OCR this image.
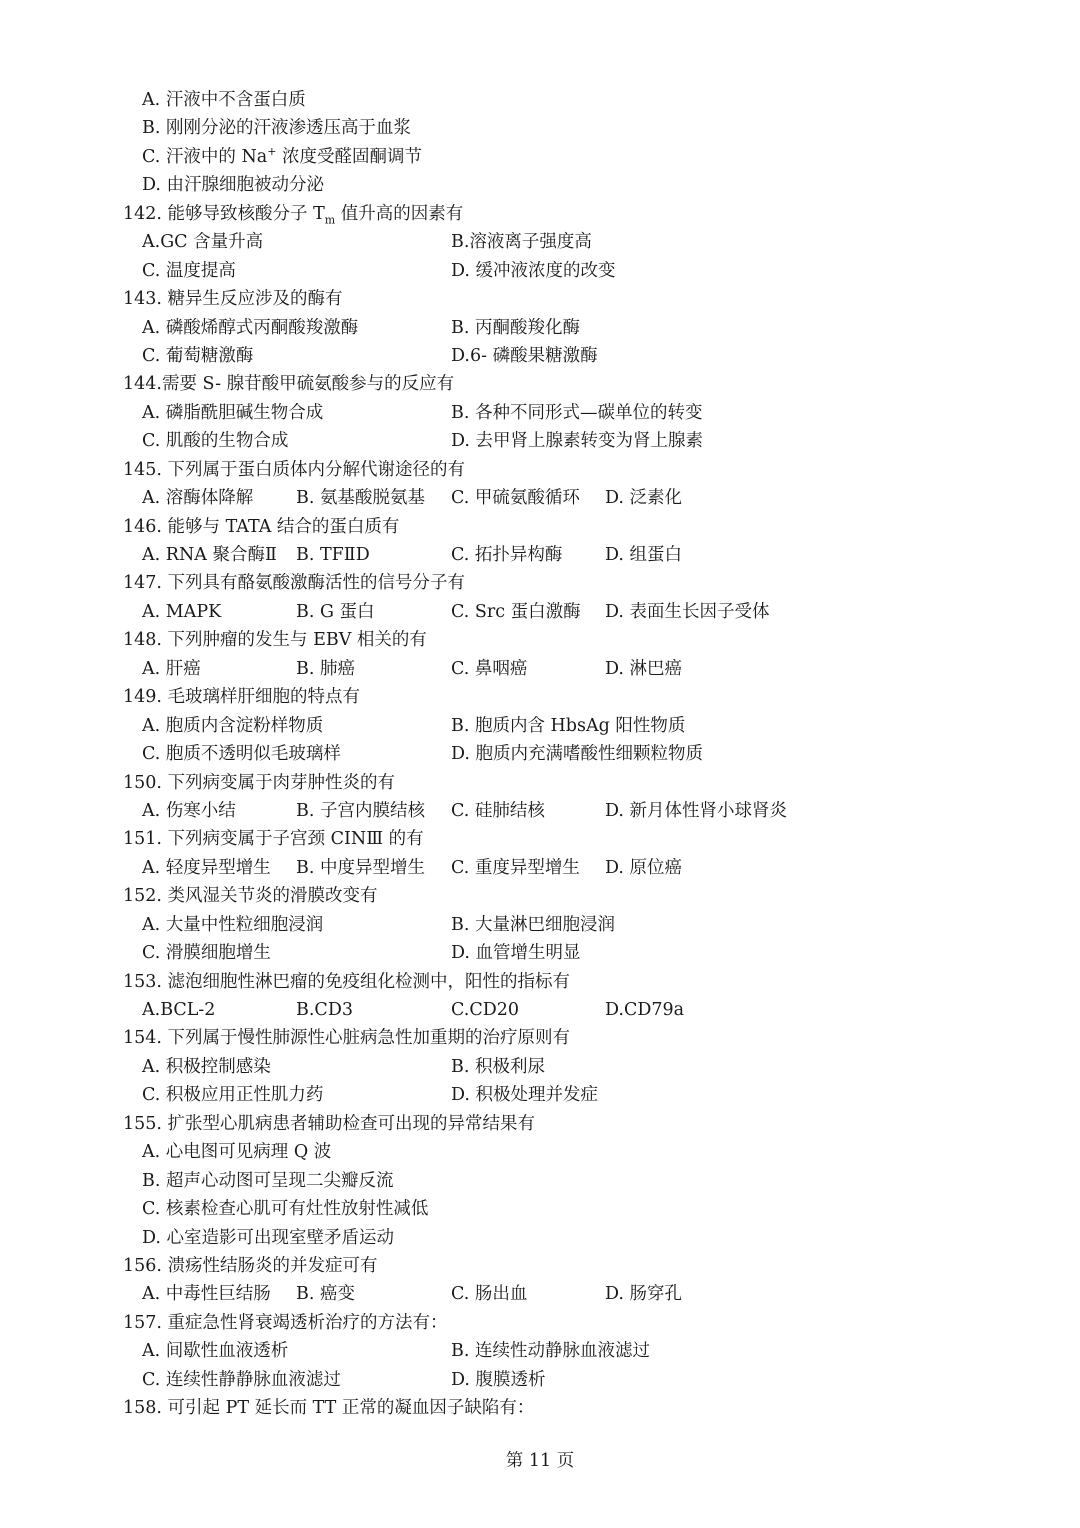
A. 汗液中不含蛋白质
B. 刚刚分泌的汗液渗透压高于血浆
C. 汗液中的 Na+ 浓度受醛固酮调节
D. 由汗腺细胞被动分泌
142. 能够导致核酸分子 $T_m$ 值升高的因素有
A.GC 含量升高	B.溶液离子强度高
C. 温度提高	D. 缓冲液浓度的改变
143. 糖异生反应涉及的酶有
A. 磷酸烯醇式丙酮酸羧激酶	B. 丙酮酸羧化酶
C. 葡萄糖激酶	D.6- 磷酸果糖激酶
144.需要 S- 腺苷酸甲硫氨酸参与的反应有
A. 磷脂酰胆碱生物合成	B. 各种不同形式—碳单位的转变
C. 肌酸的生物合成	D. 去甲肾上腺素转变为肾上腺素
145. 下列属于蛋白质体内分解代谢途径的有
A. 溶酶体降解 B. 氨基酸脱氨基 C. 甲硫氨酸循环 D. 泛素化
146. 能够与 TATA 结合的蛋白质有
A. RNA 聚合酶Ⅱ B. TFⅡD	C. 拓扑异构酶 D. 组蛋白
147. 下列具有酪氨酸激酶活性的信号分子有
A. MAPK	B. G 蛋白	C. Src 蛋白激酶 D. 表面生长因子受体
148. 下列肿瘤的发生与 EBV 相关的有
A. 肝癌	B. 肺癌	C. 鼻咽癌	D. 淋巴癌
149. 毛玻璃样肝细胞的特点有
A. 胞质内含淀粉样物质	B. 胞质内含 HbsAg 阳性物质
C. 胞质不透明似毛玻璃样	D. 胞质内充满嗜酸性细颗粒物质
150. 下列病变属于肉芽肿性炎的有
A. 伤寒小结	B. 子宫内膜结核 C. 硅肺结核	D. 新月体性肾小球肾炎
151. 下列病变属于子宫颈 CINⅢ 的有
A. 轻度异型增生 B. 中度异型增生 C. 重度异型增生 D. 原位癌
152. 类风湿关节炎的滑膜改变有
A. 大量中性粒细胞浸润	B. 大量淋巴细胞浸润
C. 滑膜细胞增生	D. 血管增生明显
153. 滤泡细胞性淋巴瘤的免疫组化检测中，阳性的指标有
A.BCL-2	B.CD3	C.CD20	D.CD79a
154. 下列属于慢性肺源性心脏病急性加重期的治疗原则有
A. 积极控制感染	B. 积极利尿
C. 积极应用正性肌力药	D. 积极处理并发症
155. 扩张型心肌病患者辅助检查可出现的异常结果有
A. 心电图可见病理 Q 波
B. 超声心动图可呈现二尖瓣反流
C. 核素检查心肌可有灶性放射性减低
D. 心室造影可出现室壁矛盾运动
156. 溃疡性结肠炎的并发症可有
A. 中毒性巨结肠 B. 癌变	C. 肠出血	D. 肠穿孔
157. 重症急性肾衰竭透析治疗的方法有：
A. 间歇性血液透析	B. 连续性动静脉血液滤过
C. 连续性静静脉血液滤过	D. 腹膜透析
158. 可引起 PT 延长而 TT 正常的凝血因子缺陷有：
第 11 页
